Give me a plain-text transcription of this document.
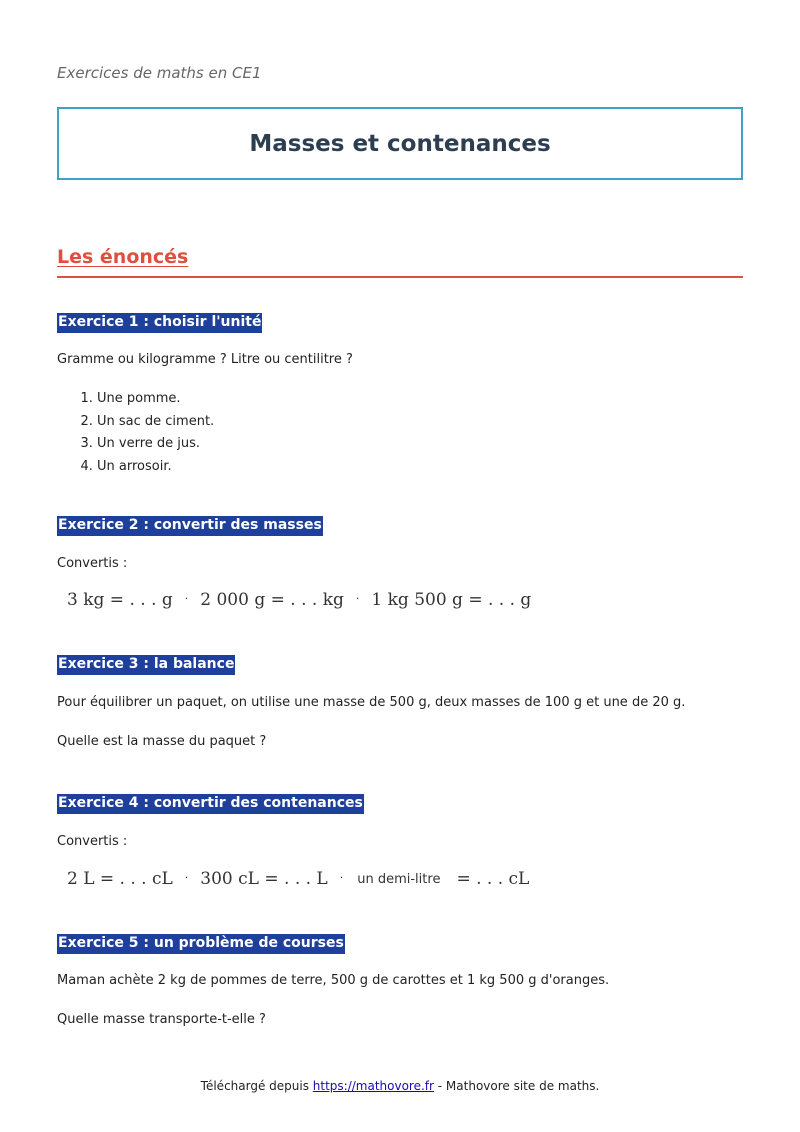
Exercices de maths en CE1
Masses et contenances
Les énoncés
Exercice 1 : choisir l'unité
Gramme ou kilogramme ? Litre ou centilitre ?
1. Une pomme.
2. Un sac de ciment.
3. Un verre de jus.
4. Un arrosoir.
Exercice 2 : convertir des masses
Convertis :
3 kg = . . . g · 2 000 g = . . . kg · 1 kg 500 g = . . . g
Exercice 3 : la balance
Pour équilibrer un paquet, on utilise une masse de 500 g, deux masses de 100 g et une de 20 g.
Quelle est la masse du paquet ?
Exercice 4 : convertir des contenances
Convertis :
2 L = . . . cL · 300 cL = . . . L · un demi-litre = . . . cL
Exercice 5 : un problème de courses
Maman achète 2 kg de pommes de terre, 500 g de carottes et 1 kg 500 g d'oranges.
Quelle masse transporte-t-elle ?
Téléchargé depuis https://mathovore.fr - Mathovore site de maths.
